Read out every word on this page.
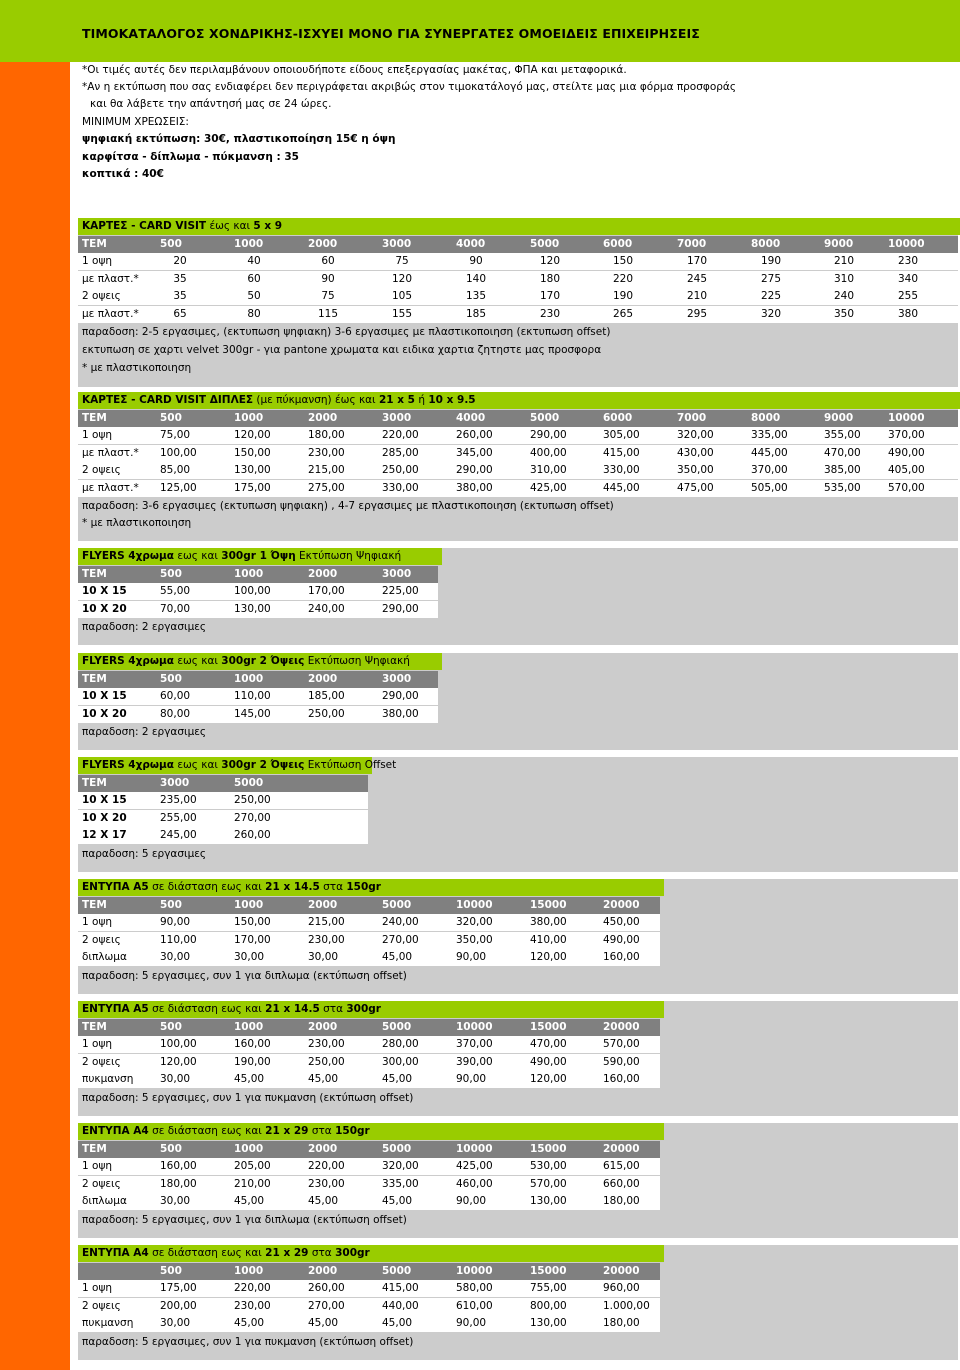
ΤΙΜΟΚΑΤΑΛΟΓΟΣ ΧΟΝΔΡΙΚΗΣ-ΙΣΧΥΕΙ ΜΟΝΟ ΓΙΑ ΣΥΝΕΡΓΑΤΕΣ ΟΜΟΕΙΔΕΙΣ ΕΠΙΧΕΙΡΗΣΕΙΣ
*Οι τιμές αυτές δεν περιλαμβάνουν οποιουδήποτε είδους επεξεργασίας μακέτας, ΦΠΑ και μεταφορικά.
*Αν η εκτύπωση που σας ενδιαφέρει δεν περιγράφεται ακριβώς στον τιμοκατάλογό μας, στείλτε μας μια φόρμα προσφοράς
και θα λάβετε την απάντησή μας σε 24 ώρες.
MINIMUM ΧΡΕΩΣΕΙΣ:
ψηφιακή εκτύπωση: 30€, πλαστικοποίηση 15€ η όψη
καρφίτσα - δίπλωμα - πύκμανση : 35
κοπτικά : 40€
ΚΑΡΤΕΣ - CARD VISIT έως και 5 x 9
ΤΕΜ	500	1000	2000	3000	4000	5000	6000	7000	8000	9000	10000
1 οψη	20	40	60	75	90	120	150	170	190	210	230
με πλαστ.*	35	60	90	120	140	180	220	245	275	310	340
2 οψεις	35	50	75	105	135	170	190	210	225	240	255
με πλαστ.*	65	80	115	155	185	230	265	295	320	350	380
παραδοση: 2-5 εργασιμες, (εκτυπωση ψηφιακη) 3-6 εργασιμες με πλαστικοποιηση (εκτυπωση offset)
εκτυπωση σε χαρτι velvet 300gr - για pantone χρωματα και ειδικα χαρτια ζητηστε μας προσφορα
* με πλαστικοποιηση
ΚΑΡΤΕΣ - CARD VISIT ΔΙΠΛΕΣ (με πύκμανση) έως και 21 x 5 ή 10 x 9.5
ΤΕΜ	500	1000	2000	3000	4000	5000	6000	7000	8000	9000	10000
1 οψη	75,00	120,00	180,00	220,00	260,00	290,00	305,00	320,00	335,00	355,00	370,00
με πλαστ.* 100,00	150,00	230,00	285,00	345,00	400,00	415,00	430,00	445,00	470,00	490,00
2 οψεις	85,00	130,00	215,00	250,00	290,00	310,00	330,00	350,00	370,00	385,00	405,00
με πλαστ.* 125,00	175,00	275,00	330,00	380,00	425,00	445,00	475,00	505,00	535,00	570,00
παραδοση: 3-6 εργασιμες (εκτυπωση ψηφιακη) , 4-7 εργασιμες με πλαστικοποιηση (εκτυπωση offset)
* με πλαστικοποιηση
FLYERS 4χρωμα εως και 300gr 1 Όψη Εκτύπωση Ψηφιακή
ΤΕΜ	500	1000	2000	3000
10 X 15	55,00	100,00	170,00	225,00
10 X 20	70,00	130,00	240,00	290,00
παραδοση: 2 εργασιμες
FLYERS 4χρωμα εως και 300gr 2 Όψεις Εκτύπωση Ψηφιακή
ΤΕΜ	500	1000	2000	3000
10 X 15	60,00	110,00	185,00	290,00
10 X 20	80,00	145,00	250,00	380,00
παραδοση: 2 εργασιμες
FLYERS 4χρωμα εως και 300gr 2 Όψεις Εκτύπωση Offset
ΤΕΜ	3000	5000
10 X 15	235,00	250,00
10 X 20	255,00	270,00
12 X 17	245,00	260,00
παραδοση: 5 εργασιμες
ΕΝΤΥΠΑ Α5 σε διάσταση εως και 21 x 14.5 στα 150gr
ΤΕΜ	500	1000	2000	5000	10000	15000	20000
1 οψη	90,00	150,00	215,00	240,00	320,00	380,00	450,00
2 οψεις	110,00	170,00	230,00	270,00	350,00	410,00	490,00
διπλωμα	30,00	30,00	30,00	45,00	90,00	120,00	160,00
παραδοση: 5 εργασιμες, συν 1 για διπλωμα (εκτύπωση offset)
ΕΝΤΥΠΑ Α5 σε διάσταση εως και 21 x 14.5 στα 300gr
ΤΕΜ	500	1000	2000	5000	10000	15000	20000
1 οψη	100,00	160,00	230,00	280,00	370,00	470,00	570,00
2 οψεις	120,00	190,00	250,00	300,00	390,00	490,00	590,00
πυκμανση	30,00	45,00	45,00	45,00	90,00	120,00	160,00
παραδοση: 5 εργασιμες, συν 1 για πυκμανση (εκτύπωση offset)
ΕΝΤΥΠΑ Α4 σε διάσταση εως και 21 x 29 στα 150gr
ΤΕΜ	500	1000	2000	5000	10000	15000	20000
1 οψη	160,00	205,00	220,00	320,00	425,00	530,00	615,00
2 οψεις	180,00	210,00	230,00	335,00	460,00	570,00	660,00
διπλωμα	30,00	45,00	45,00	45,00	90,00	130,00	180,00
παραδοση: 5 εργασιμες, συν 1 για διπλωμα (εκτύπωση offset)
ΕΝΤΥΠΑ Α4 σε διάσταση εως και 21 x 29 στα 300gr
500	1000	2000	5000	10000	15000	20000
1 οψη	175,00	220,00	260,00	415,00	580,00	755,00	960,00
2 οψεις	200,00	230,00	270,00	440,00	610,00	800,00	1.000,00
πυκμανση	30,00	45,00	45,00	45,00	90,00	130,00	180,00
παραδοση: 5 εργασιμες, συν 1 για πυκμανση (εκτύπωση offset)
